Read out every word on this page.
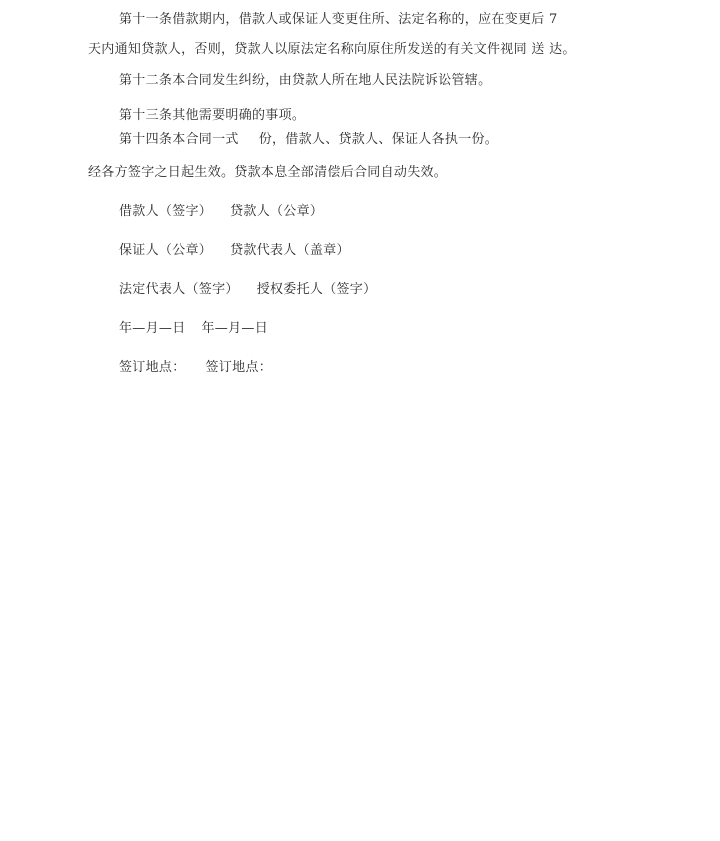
第十一条借款期内，借款人或保证人变更住所、法定名称的，应在变更后 7
天内通知贷款人，否则，贷款人以原法定名称向原住所发送的有关文件视同 送 达。
第十二条本合同发生纠纷，由贷款人所在地人民法院诉讼管辖。
第十三条其他需要明确的事项。
第十四条本合同一式 份，借款人、贷款人、保证人各执一份。
经各方签字之日起生效。贷款本息全部清偿后合同自动失效。
借款人（签字） 贷款人（公章）
保证人（公章） 贷款代表人（盖章）
法定代表人（签字） 授权委托人（签字）
年—月—日 年—月—日
签订地点： 签订地点：
